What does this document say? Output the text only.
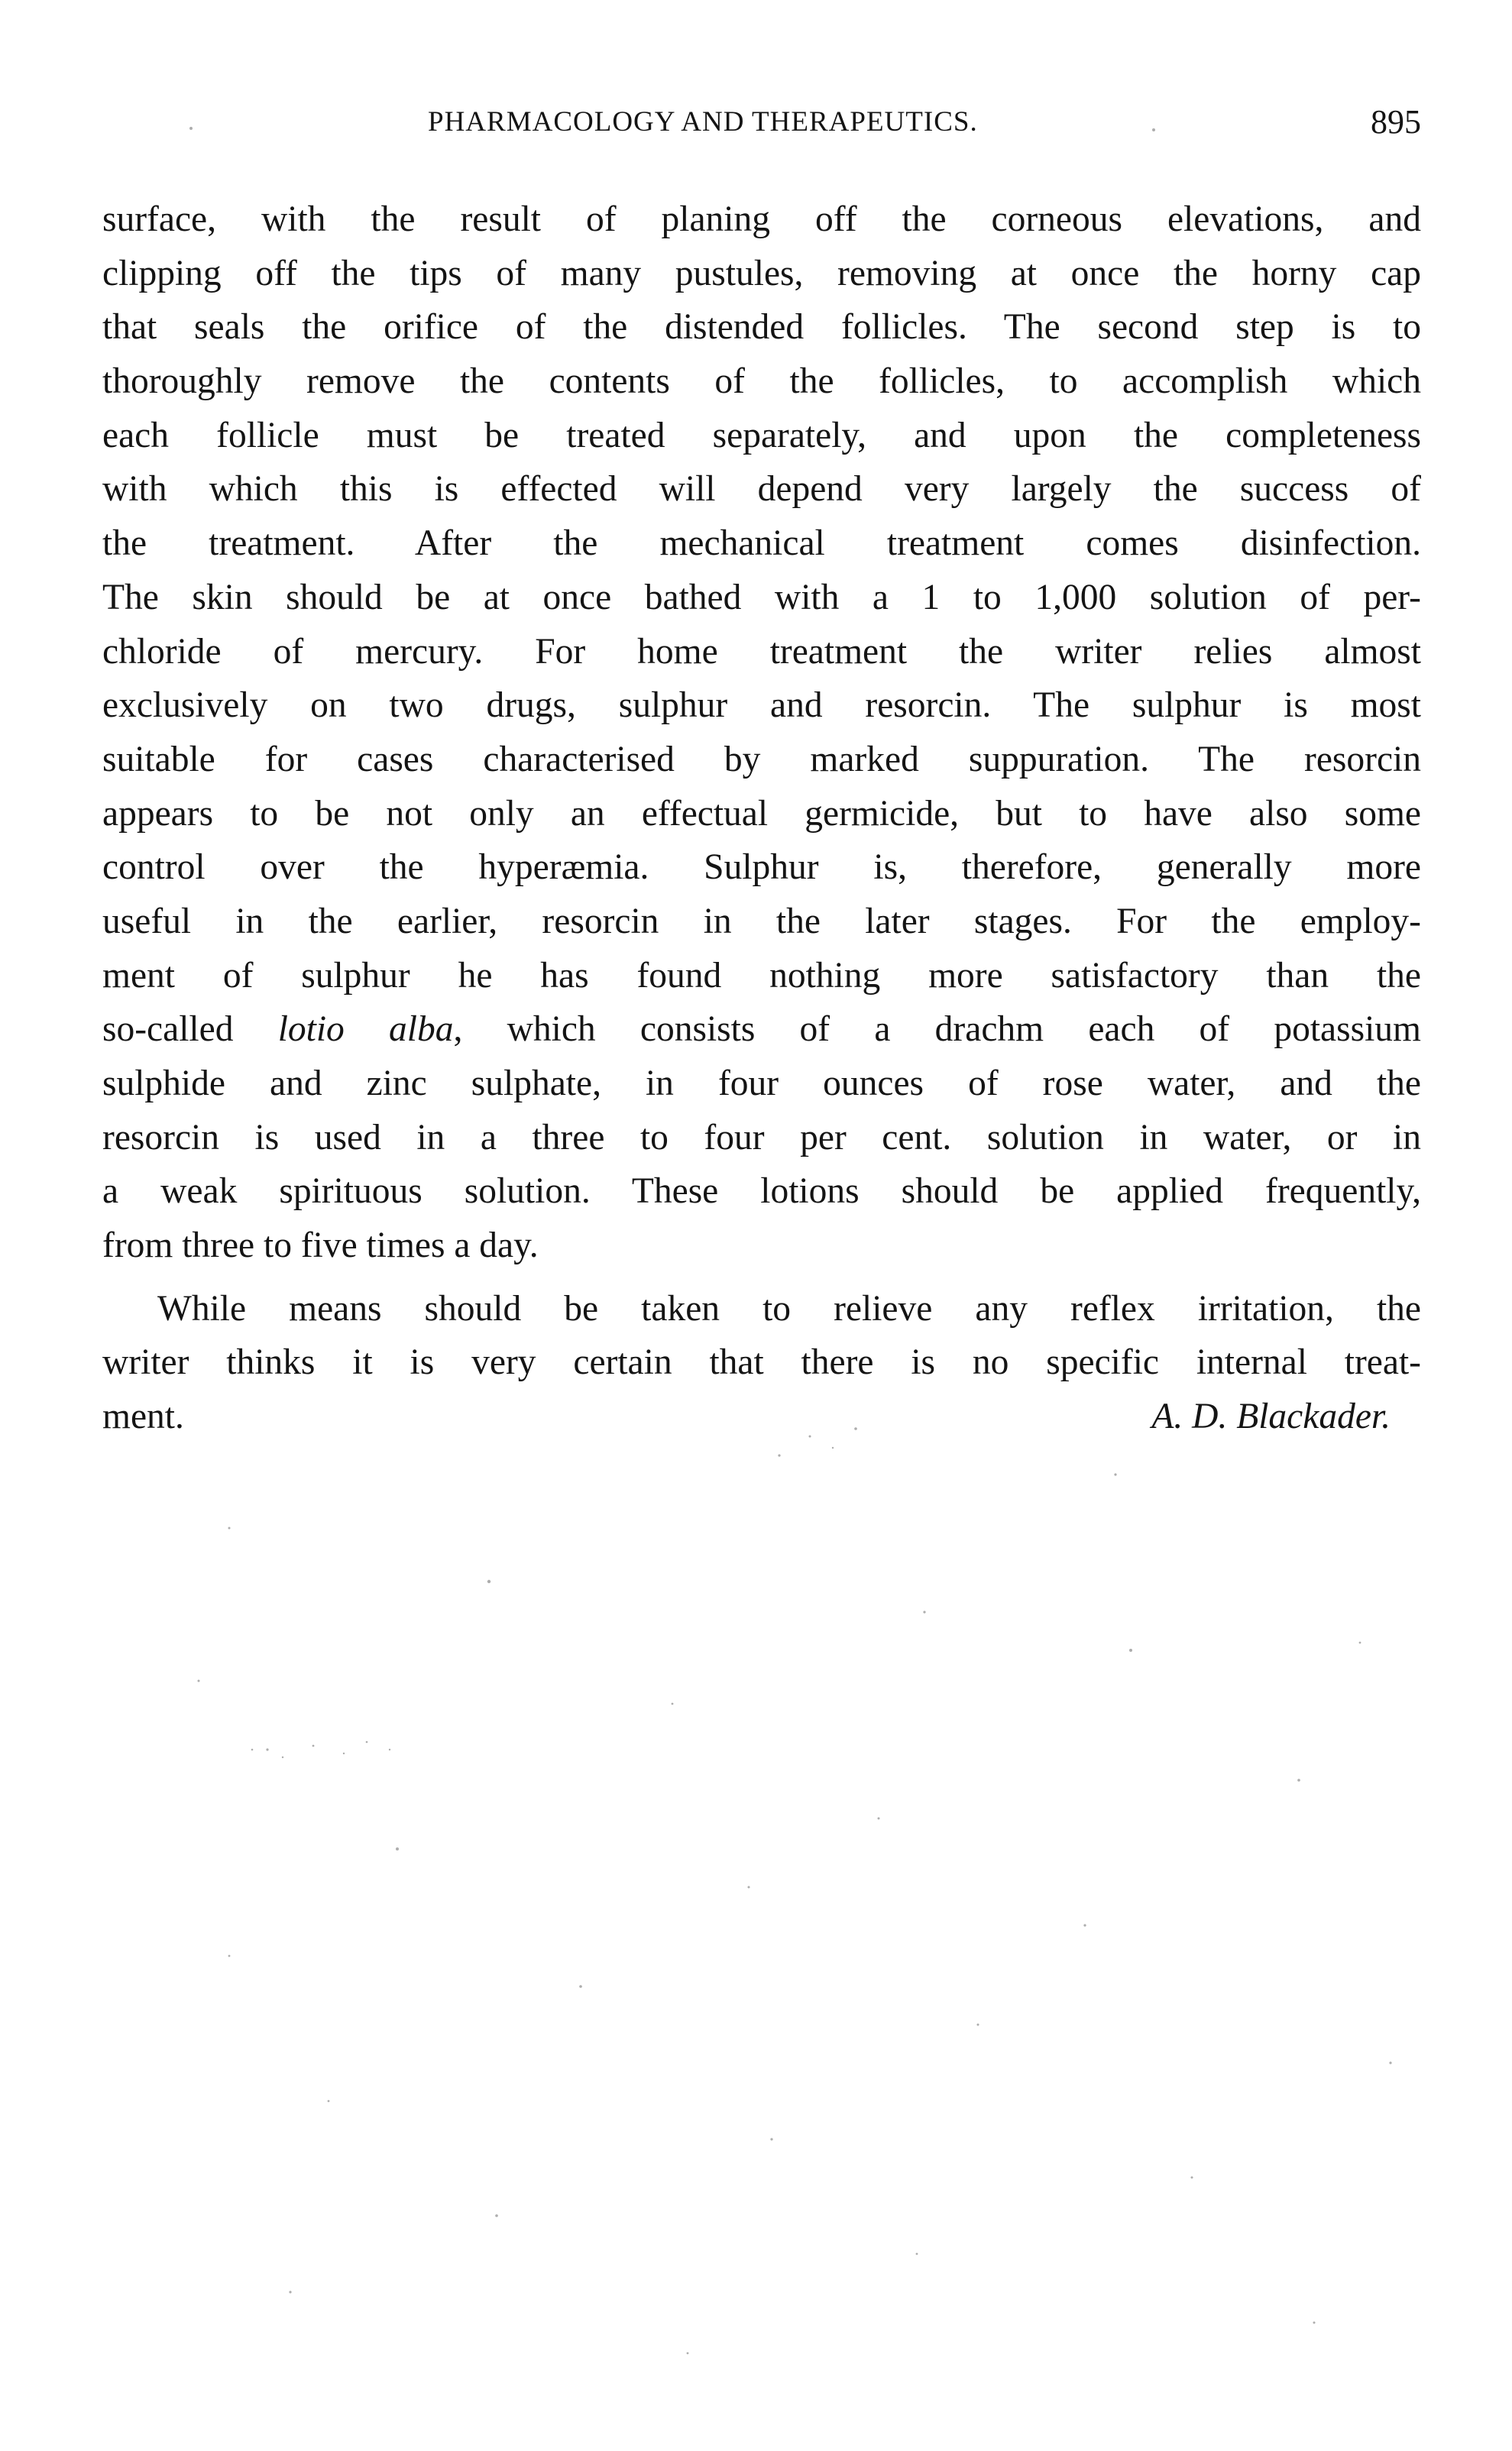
PHARMACOLOGY AND THERAPEUTICS.	895
surface, with the result of planing off the corneous elevations, and
clipping off the tips of many pustules, removing at once the horny cap
that seals the orifice of the distended follicles. The second step is to
thoroughly remove the contents of the follicles, to accomplish which
each follicle must be treated separately, and upon the completeness
with which this is effected will depend very largely the success of
the treatment. After the mechanical treatment comes disinfection.
The skin should be at once bathed with a 1 to 1,000 solution of per-
chloride of mercury. For home treatment the writer relies almost
exclusively on two drugs, sulphur and resorcin. The sulphur is most
suitable for cases characterised by marked suppuration. The resorcin
appears to be not only an effectual germicide, but to have also some
control over the hyperæmia. Sulphur is, therefore, generally more
useful in the earlier, resorcin in the later stages. For the employ-
ment of sulphur he has found nothing more satisfactory than the
so-called lotio alba, which consists of a drachm each of potassium
sulphide and zinc sulphate, in four ounces of rose water, and the
resorcin is used in a three to four per cent. solution in water, or in
a weak spirituous solution. These lotions should be applied frequently,
from three to five times a day.
While means should be taken to relieve any reflex irritation, the
writer thinks it is very certain that there is no specific internal treat-
ment.	A. D. Blackader.
